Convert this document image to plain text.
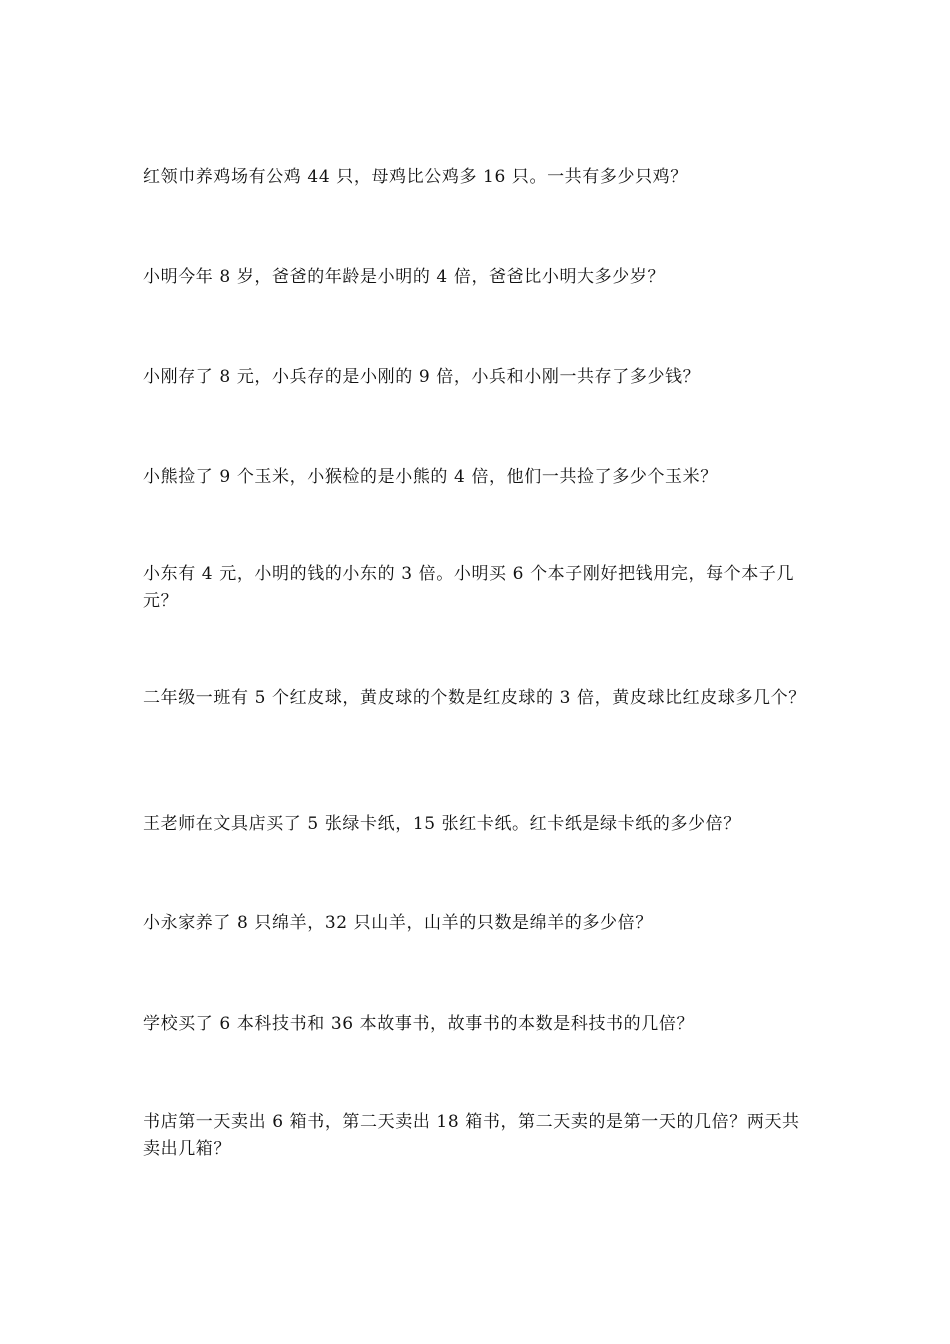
红领巾养鸡场有公鸡 44 只，母鸡比公鸡多 16 只。一共有多少只鸡？

小明今年 8 岁，爸爸的年龄是小明的 4 倍，爸爸比小明大多少岁？

小刚存了 8 元，小兵存的是小刚的 9 倍，小兵和小刚一共存了多少钱？

小熊捡了 9 个玉米，小猴检的是小熊的 4 倍，他们一共捡了多少个玉米？

小东有 4 元，小明的钱的小东的 3 倍。小明买 6 个本子刚好把钱用完，每个本子几元？

二年级一班有 5 个红皮球，黄皮球的个数是红皮球的 3 倍，黄皮球比红皮球多几个？

王老师在文具店买了 5 张绿卡纸，15 张红卡纸。红卡纸是绿卡纸的多少倍？

小永家养了 8 只绵羊，32 只山羊，山羊的只数是绵羊的多少倍？

学校买了 6 本科技书和 36 本故事书，故事书的本数是科技书的几倍？

书店第一天卖出 6 箱书，第二天卖出 18 箱书，第二天卖的是第一天的几倍？两天共卖出几箱？
